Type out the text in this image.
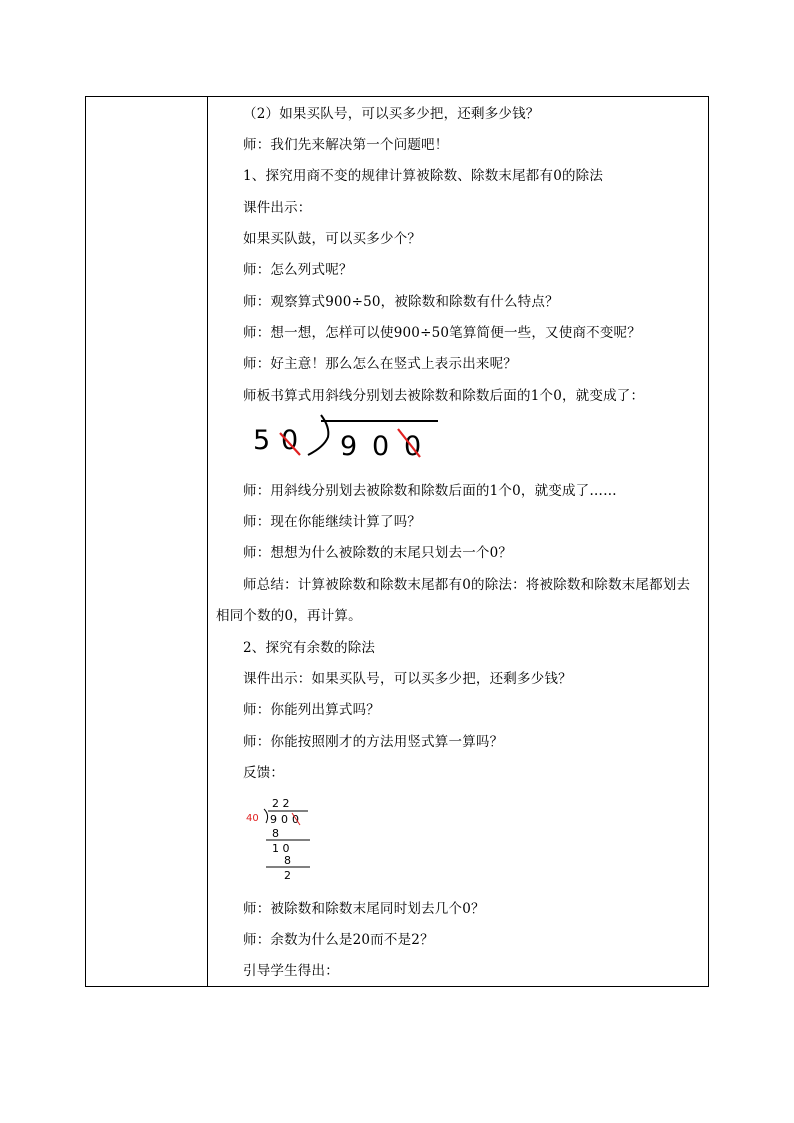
（2）如果买队号，可以买多少把，还剩多少钱？
师：我们先来解决第一个问题吧！
1、探究用商不变的规律计算被除数、除数末尾都有0的除法
课件出示：
如果买队鼓，可以买多少个？
师：怎么列式呢？
师：观察算式900÷50，被除数和除数有什么特点？
师：想一想，怎样可以使900÷50笔算简便一些，又使商不变呢？
师：好主意！那么怎么在竖式上表示出来呢？
师板书算式用斜线分别划去被除数和除数后面的1个0，就变成了：
5 0 9 0 0
师：用斜线分别划去被除数和除数后面的1个0，就变成了……
师：现在你能继续计算了吗？
师：想想为什么被除数的末尾只划去一个0？
师总结：计算被除数和除数末尾都有0的除法：将被除数和除数末尾都划去
相同个数的0，再计算。
2、探究有余数的除法
课件出示：如果买队号，可以买多少把，还剩多少钱？
师：你能列出算式吗？
师：你能按照刚才的方法用竖式算一算吗？
反馈：
2 2
40 9 0 0
8
1 0
8
2
师：被除数和除数末尾同时划去几个0？
师：余数为什么是20而不是2？
引导学生得出：
